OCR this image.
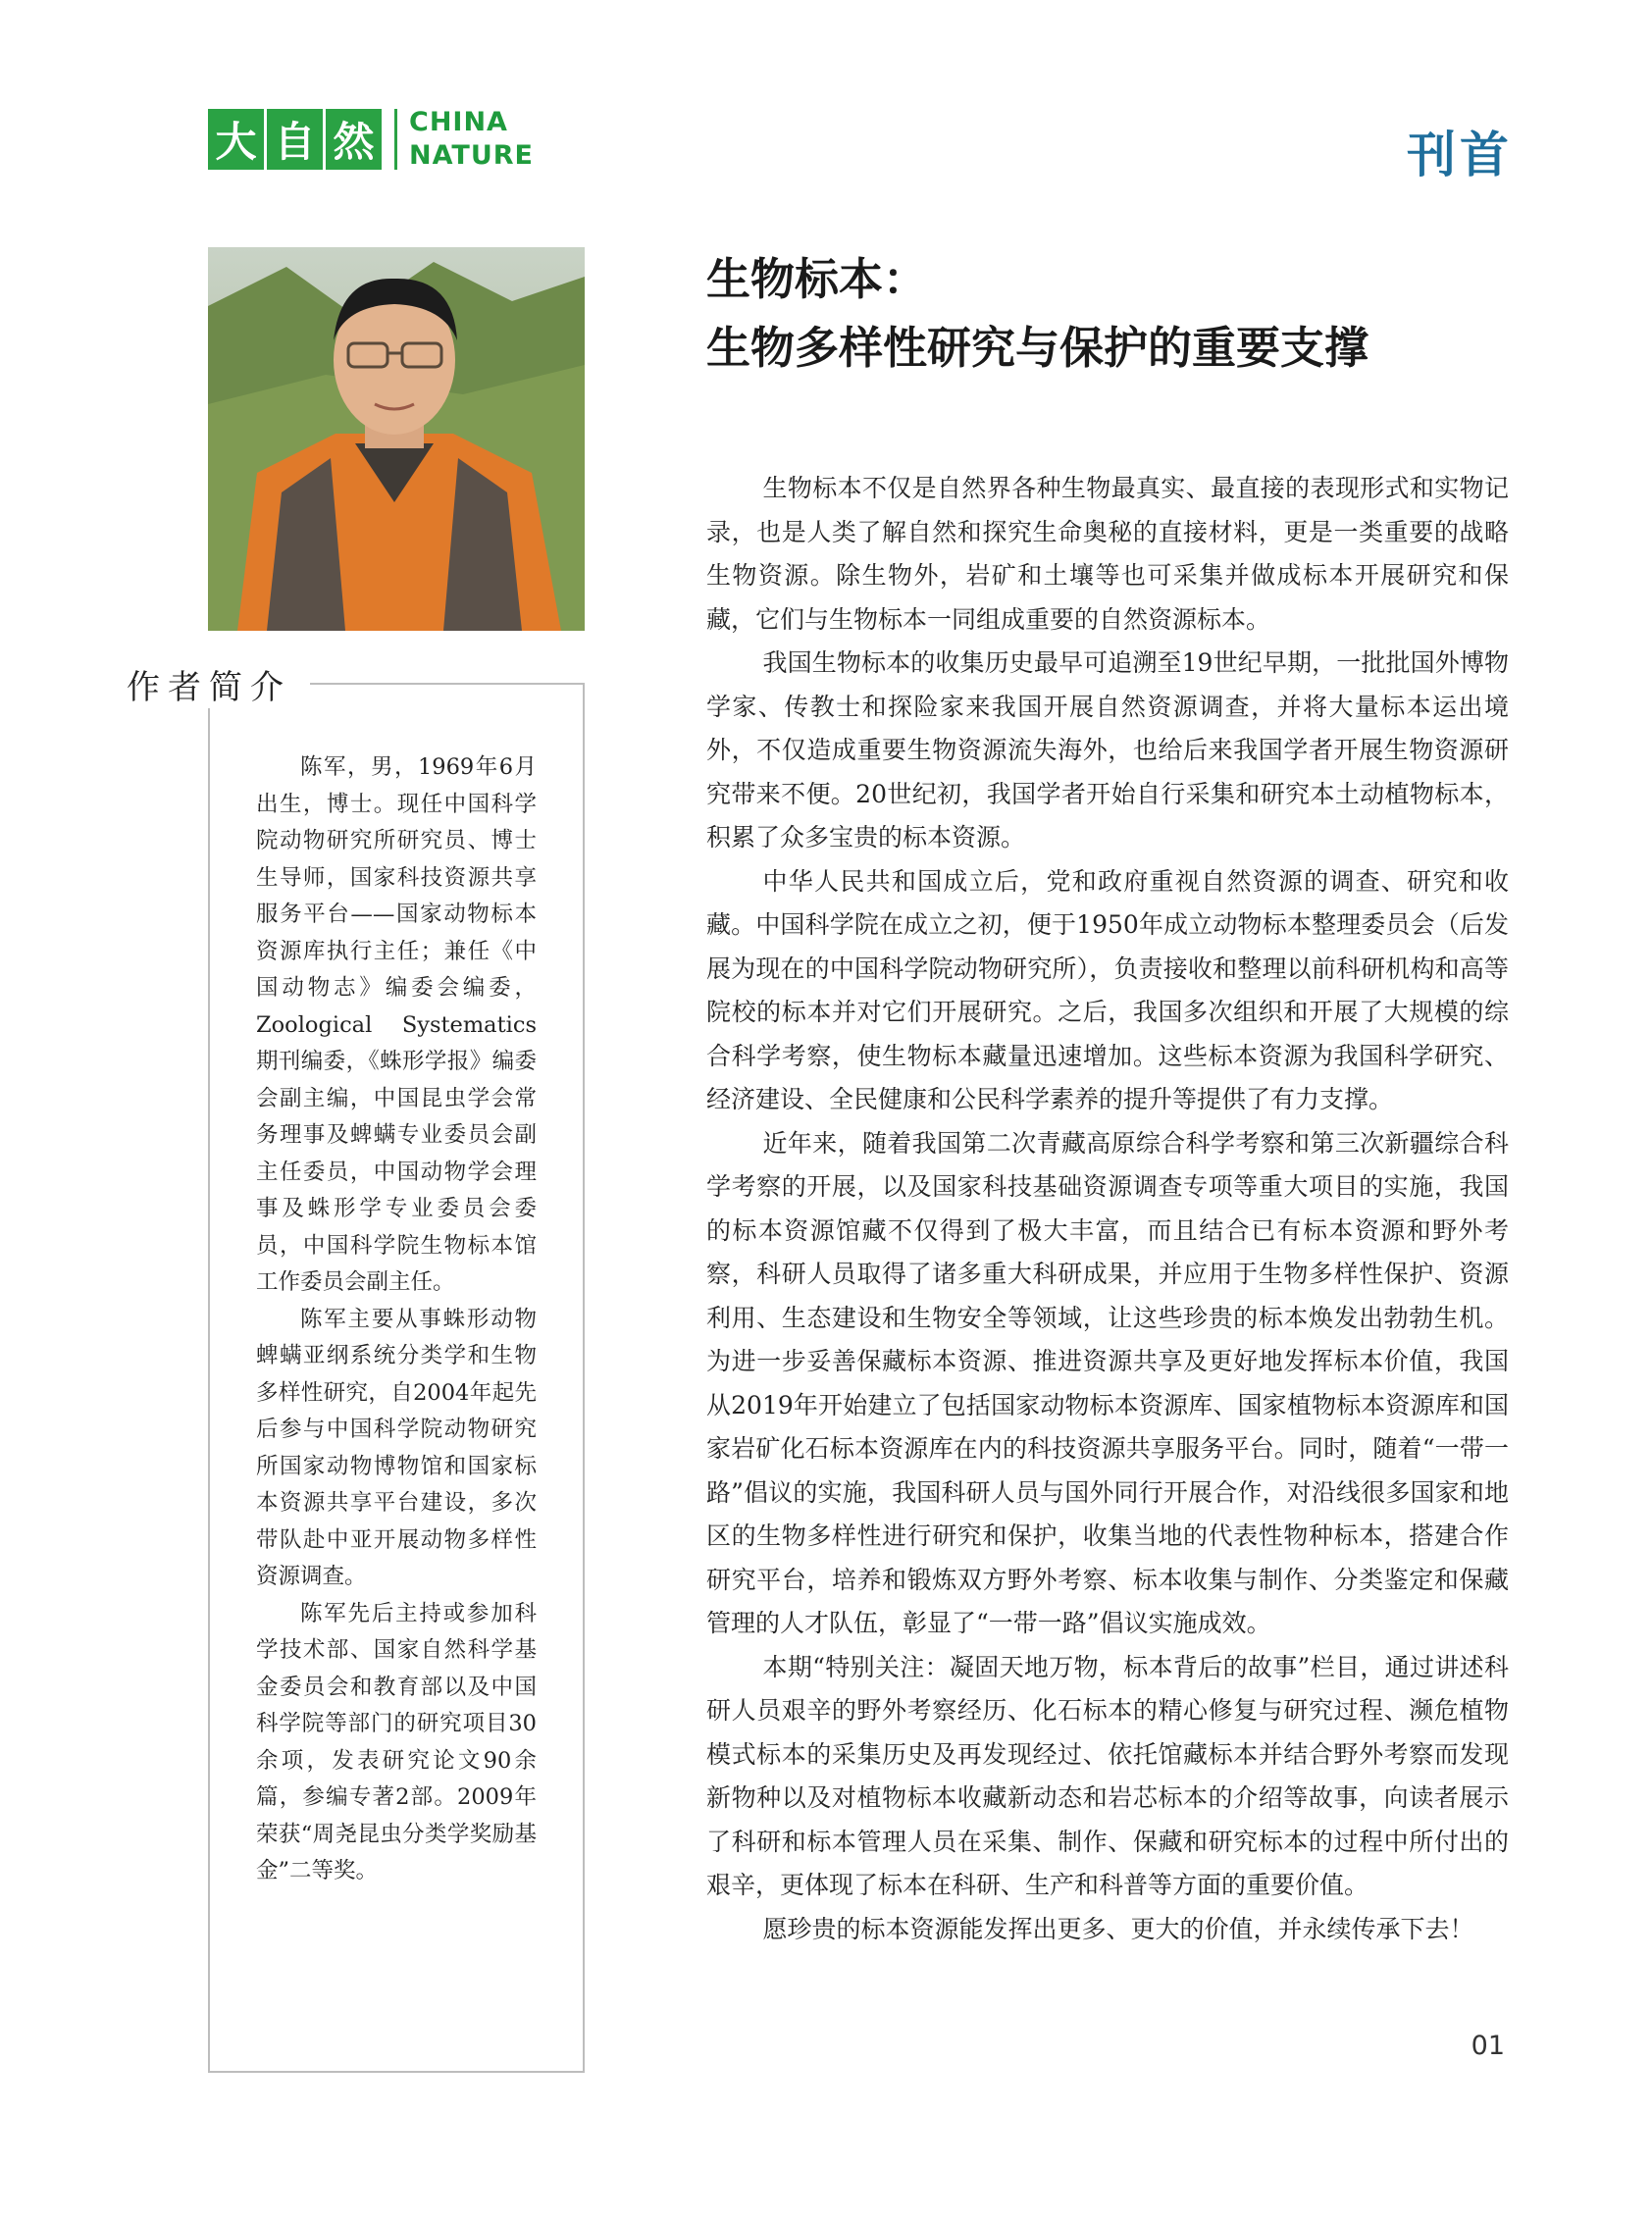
大 自 然 CHINA
NATURE	刊首
作者简介

陈军，男，1969年6月出生，博士。现任中国科学院动物研究所研究员、博士生导师，国家科技资源共享服务平台——国家动物标本资源库执行主任；兼任《中国动物志》编委会编委，Zoological Systematics 期刊编委，《蛛形学报》编委会副主编，中国昆虫学会常务理事及蜱螨专业委员会副主任委员，中国动物学会理事及蛛形学专业委员会委员，中国科学院生物标本馆工作委员会副主任。

陈军主要从事蛛形动物蜱螨亚纲系统分类学和生物多样性研究，自2004年起先后参与中国科学院动物研究所国家动物博物馆和国家标本资源共享平台建设，多次带队赴中亚开展动物多样性资源调查。

陈军先后主持或参加科学技术部、国家自然科学基金委员会和教育部以及中国科学院等部门的研究项目30余项，发表研究论文90余篇，参编专著2部。2009年荣获“周尧昆虫分类学奖励基金”二等奖。

生物标本：
生物多样性研究与保护的重要支撑

生物标本不仅是自然界各种生物最真实、最直接的表现形式和实物记录，也是人类了解自然和探究生命奥秘的直接材料，更是一类重要的战略生物资源。除生物外，岩矿和土壤等也可采集并做成标本开展研究和保藏，它们与生物标本一同组成重要的自然资源标本。

我国生物标本的收集历史最早可追溯至19世纪早期，一批批国外博物学家、传教士和探险家来我国开展自然资源调查，并将大量标本运出境外，不仅造成重要生物资源流失海外，也给后来我国学者开展生物资源研究带来不便。20世纪初，我国学者开始自行采集和研究本土动植物标本，积累了众多宝贵的标本资源。

中华人民共和国成立后，党和政府重视自然资源的调查、研究和收藏。中国科学院在成立之初，便于1950年成立动物标本整理委员会（后发展为现在的中国科学院动物研究所），负责接收和整理以前科研机构和高等院校的标本并对它们开展研究。之后，我国多次组织和开展了大规模的综合科学考察，使生物标本藏量迅速增加。这些标本资源为我国科学研究、经济建设、全民健康和公民科学素养的提升等提供了有力支撑。

近年来，随着我国第二次青藏高原综合科学考察和第三次新疆综合科学考察的开展，以及国家科技基础资源调查专项等重大项目的实施，我国的标本资源馆藏不仅得到了极大丰富，而且结合已有标本资源和野外考察，科研人员取得了诸多重大科研成果，并应用于生物多样性保护、资源利用、生态建设和生物安全等领域，让这些珍贵的标本焕发出勃勃生机。为进一步妥善保藏标本资源、推进资源共享及更好地发挥标本价值，我国从2019年开始建立了包括国家动物标本资源库、国家植物标本资源库和国家岩矿化石标本资源库在内的科技资源共享服务平台。同时，随着“一带一路”倡议的实施，我国科研人员与国外同行开展合作，对沿线很多国家和地区的生物多样性进行研究和保护，收集当地的代表性物种标本，搭建合作研究平台，培养和锻炼双方野外考察、标本收集与制作、分类鉴定和保藏管理的人才队伍，彰显了“一带一路”倡议实施成效。

本期“特别关注：凝固天地万物，标本背后的故事”栏目，通过讲述科研人员艰辛的野外考察经历、化石标本的精心修复与研究过程、濒危植物模式标本的采集历史及再发现经过、依托馆藏标本并结合野外考察而发现新物种以及对植物标本收藏新动态和岩芯标本的介绍等故事，向读者展示了科研和标本管理人员在采集、制作、保藏和研究标本的过程中所付出的艰辛，更体现了标本在科研、生产和科普等方面的重要价值。

愿珍贵的标本资源能发挥出更多、更大的价值，并永续传承下去！

01
